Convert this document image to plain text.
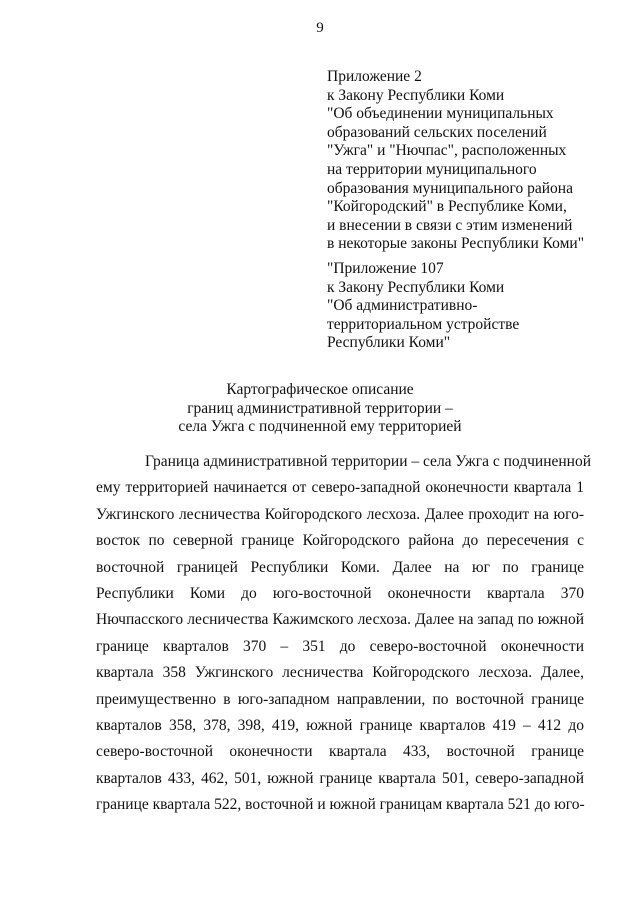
9
Приложение 2
к Закону Республики Коми
"Об объединении муниципальных
образований сельских поселений
"Ужга" и "Нючпас", расположенных
на территории муниципального
образования муниципального района
"Койгородский" в Республике Коми,
и внесении в связи с этим изменений
в некоторые законы Республики Коми"
"Приложение 107
к Закону Республики Коми
"Об административно-
территориальном устройстве
Республики Коми"
Картографическое описание
границ административной территории –
села Ужга с подчиненной ему территорией
Граница административной территории – села Ужга с подчиненной
ему территорией начинается от северо-западной оконечности квартала 1
Ужгинского лесничества Койгородского лесхоза. Далее проходит на юго-
восток по северной границе Койгородского района до пересечения с
восточной границей Республики Коми. Далее на юг по границе
Республики Коми до юго-восточной оконечности квартала 370
Нючпасского лесничества Кажимского лесхоза. Далее на запад по южной
границе кварталов 370 – 351 до северо-восточной оконечности
квартала 358 Ужгинского лесничества Койгородского лесхоза. Далее,
преимущественно в юго-западном направлении, по восточной границе
кварталов 358, 378, 398, 419, южной границе кварталов 419 – 412 до
северо-восточной оконечности квартала 433, восточной границе
кварталов 433, 462, 501, южной границе квартала 501, северо-западной
границе квартала 522, восточной и южной границам квартала 521 до юго-
